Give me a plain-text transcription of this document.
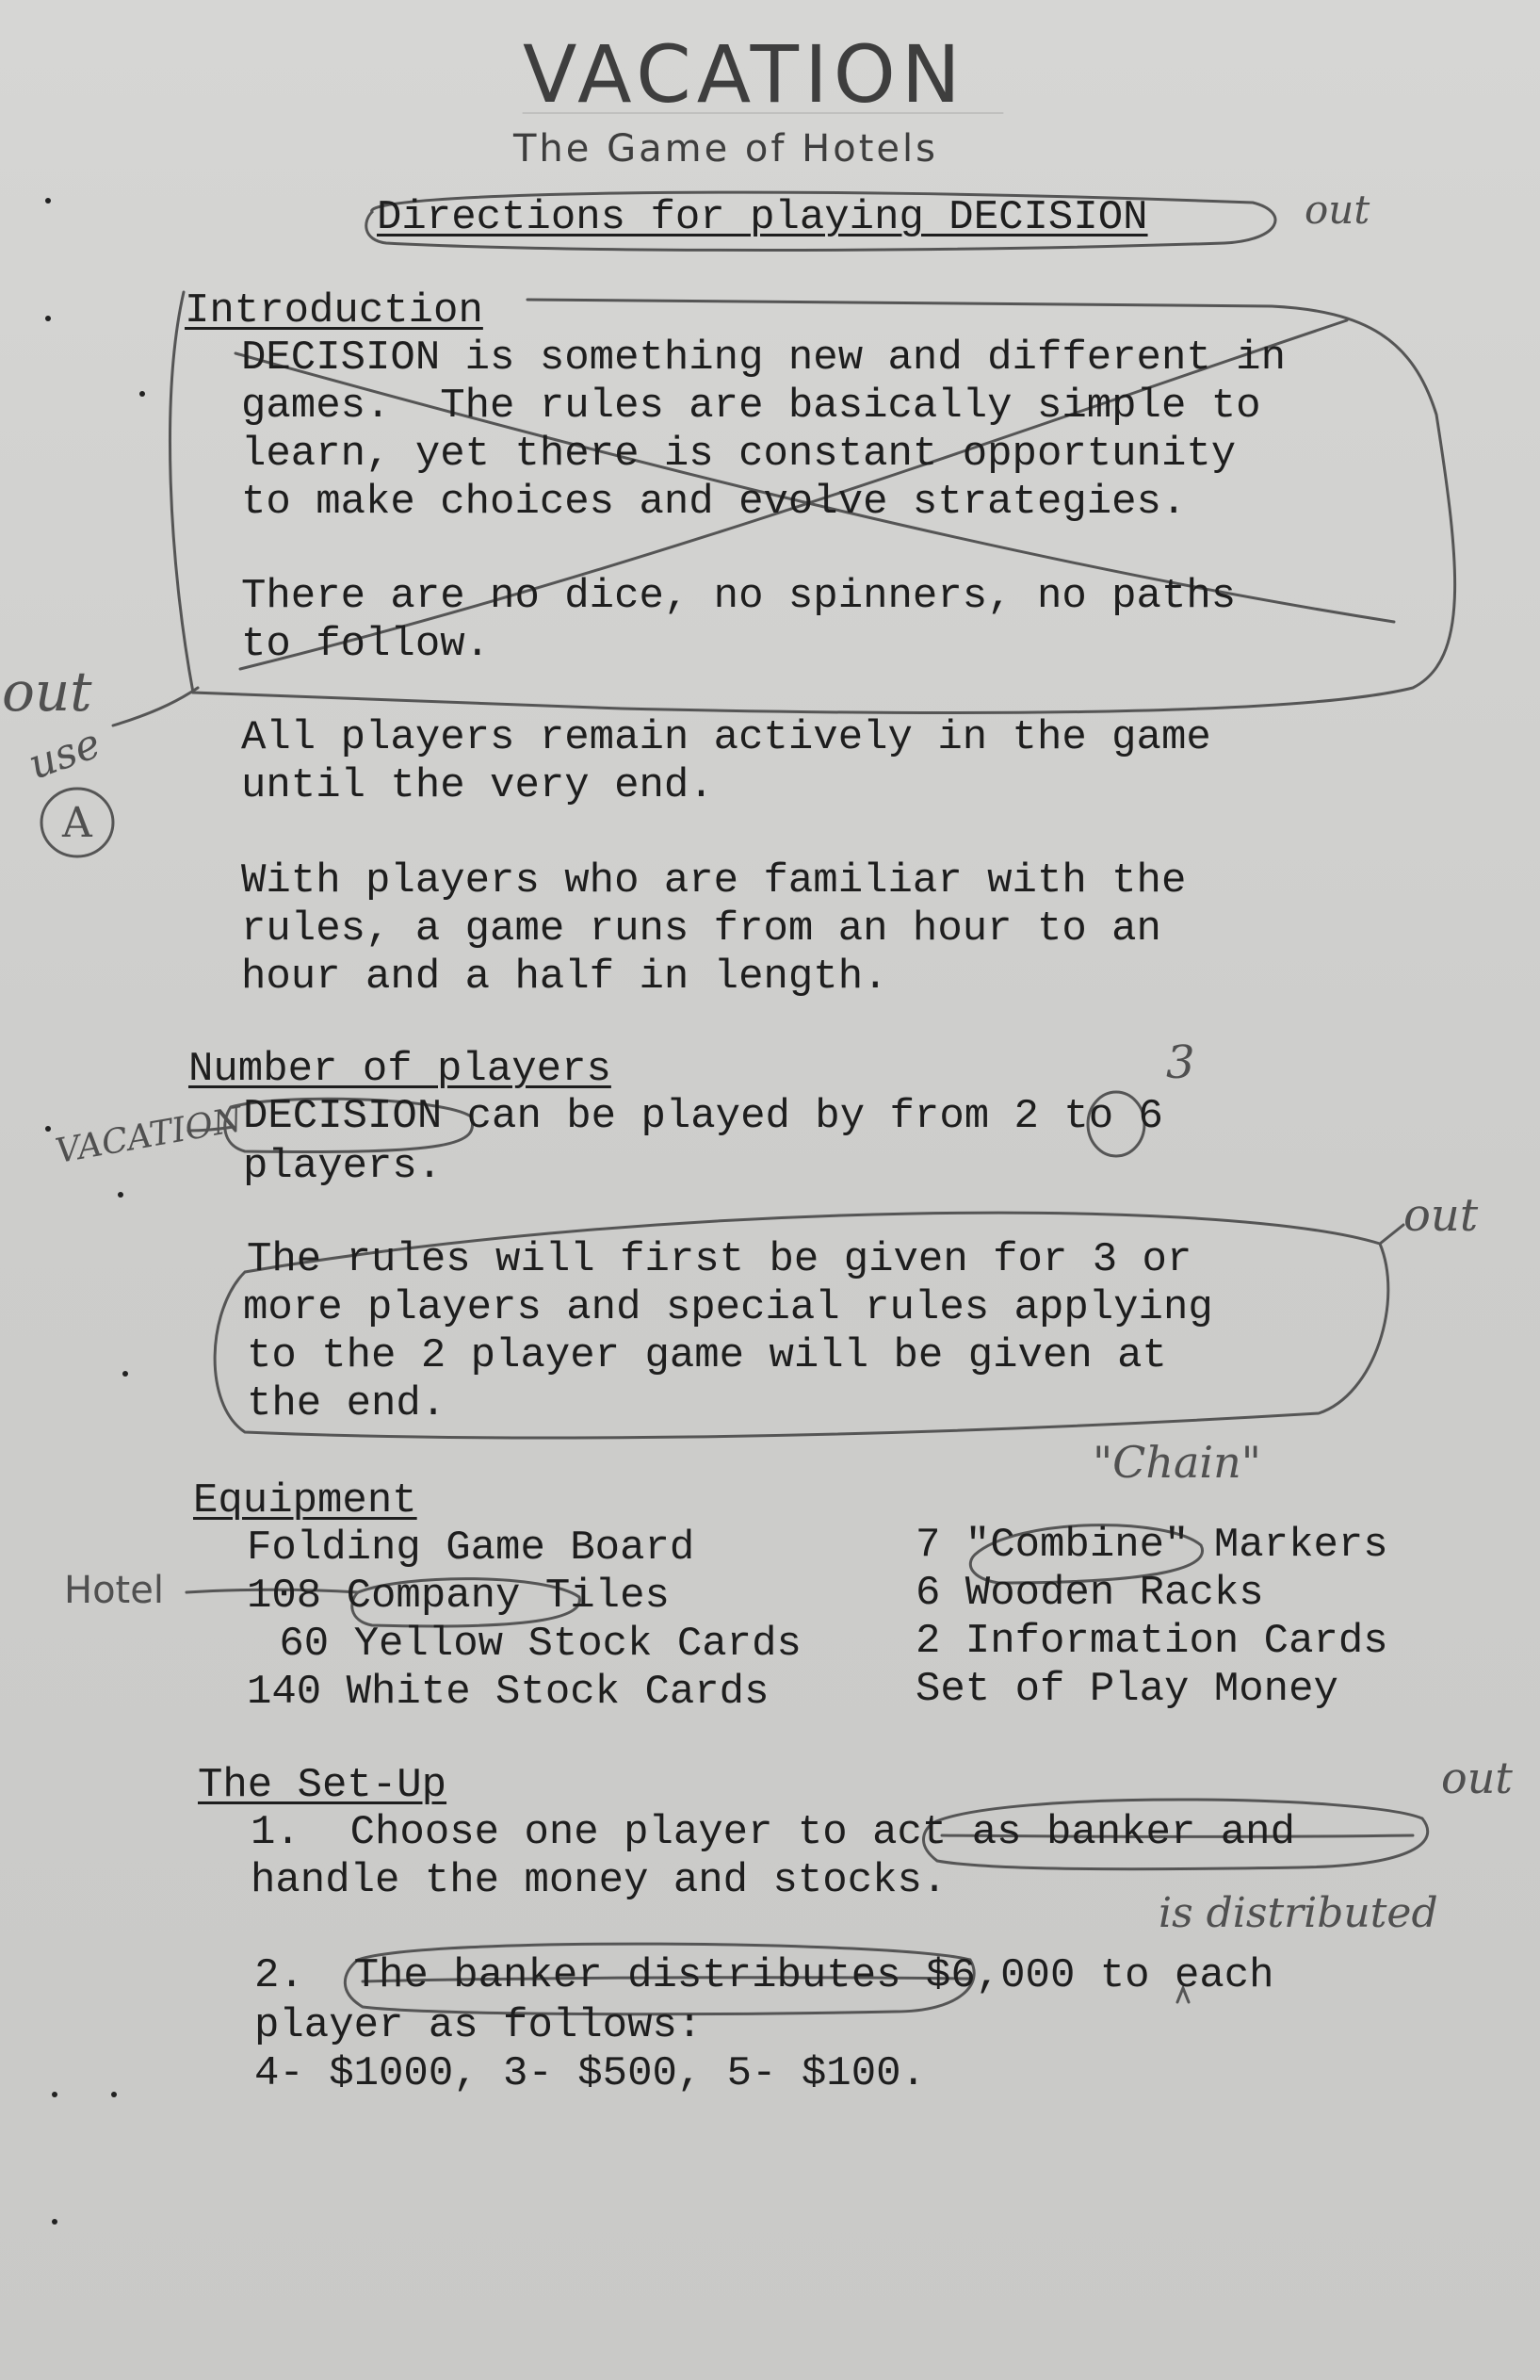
VACATION
The Game of Hotels
Directions for playing DECISION	out
Introduction
DECISION is something new and different in
games.  The rules are basically simple to
learn, yet there is constant opportunity
to make choices and evolve strategies.
There are no dice, no spinners, no paths
to follow.
out
use
A
All players remain actively in the game
until the very end.
With players who are familiar with the
rules, a game runs from an hour to an
hour and a half in length.
Number of players
DECISION can be played by from 2 to 6
players.
VACATION
3
out
The rules will first be given for 3 or
more players and special rules applying
to the 2 player game will be given at
the end.
Equipment
"Chain"
Hotel
Folding Game Board
108 Company Tiles
60 Yellow Stock Cards
140 White Stock Cards
7 "Combine" Markers
6 Wooden Racks
2 Information Cards
Set of Play Money
The Set-Up	out
1.  Choose one player to act as banker and
handle the money and stocks.
is distributed
2.  The banker distributes $6,000 to each
player as follows:
4- $1000, 3- $500, 5- $100.
